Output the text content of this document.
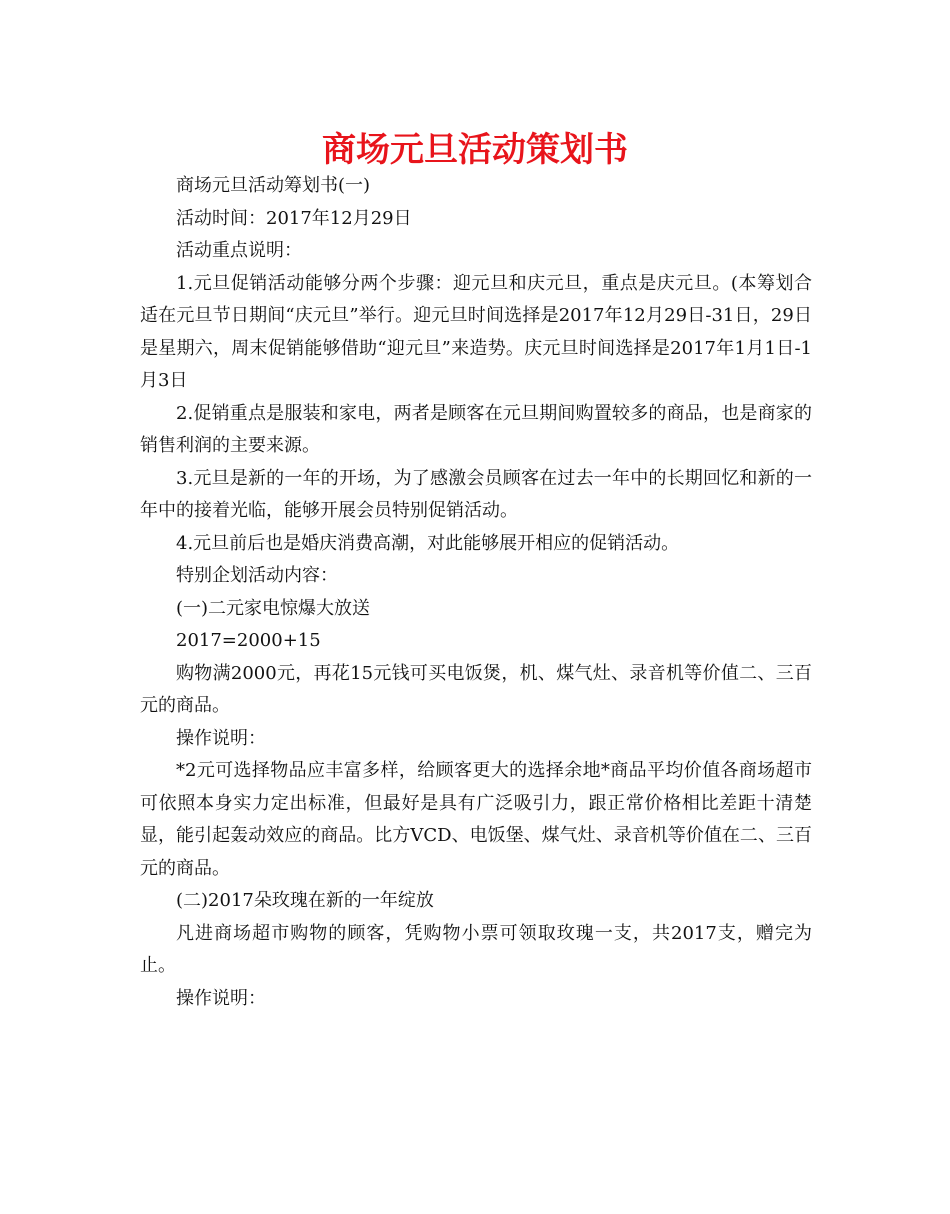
商场元旦活动策划书

商场元旦活动筹划书(一)

活动时间：2017年12月29日

活动重点说明：

1.元旦促销活动能够分两个步骤：迎元旦和庆元旦，重点是庆元旦。(本筹划合适在元旦节日期间“庆元旦”举行。迎元旦时间选择是2017年12月29日-31日，29日是星期六，周末促销能够借助“迎元旦”来造势。庆元旦时间选择是2017年1月1日-1月3日

2.促销重点是服装和家电，两者是顾客在元旦期间购置较多的商品，也是商家的销售利润的主要来源。

3.元旦是新的一年的开场，为了感激会员顾客在过去一年中的长期回忆和新的一年中的接着光临，能够开展会员特别促销活动。

4.元旦前后也是婚庆消费高潮，对此能够展开相应的促销活动。

特别企划活动内容：

(一)二元家电惊爆大放送

2017=2000+15

购物满2000元，再花15元钱可买电饭煲，机、煤气灶、录音机等价值二、三百元的商品。

操作说明：

*2元可选择物品应丰富多样，给顾客更大的选择余地*商品平均价值各商场超市可依照本身实力定出标准，但最好是具有广泛吸引力，跟正常价格相比差距十清楚显，能引起轰动效应的商品。比方VCD、电饭堡、煤气灶、录音机等价值在二、三百元的商品。

(二)2017朵玫瑰在新的一年绽放

凡进商场超市购物的顾客，凭购物小票可领取玫瑰一支，共2017支，赠完为止。

操作说明：
